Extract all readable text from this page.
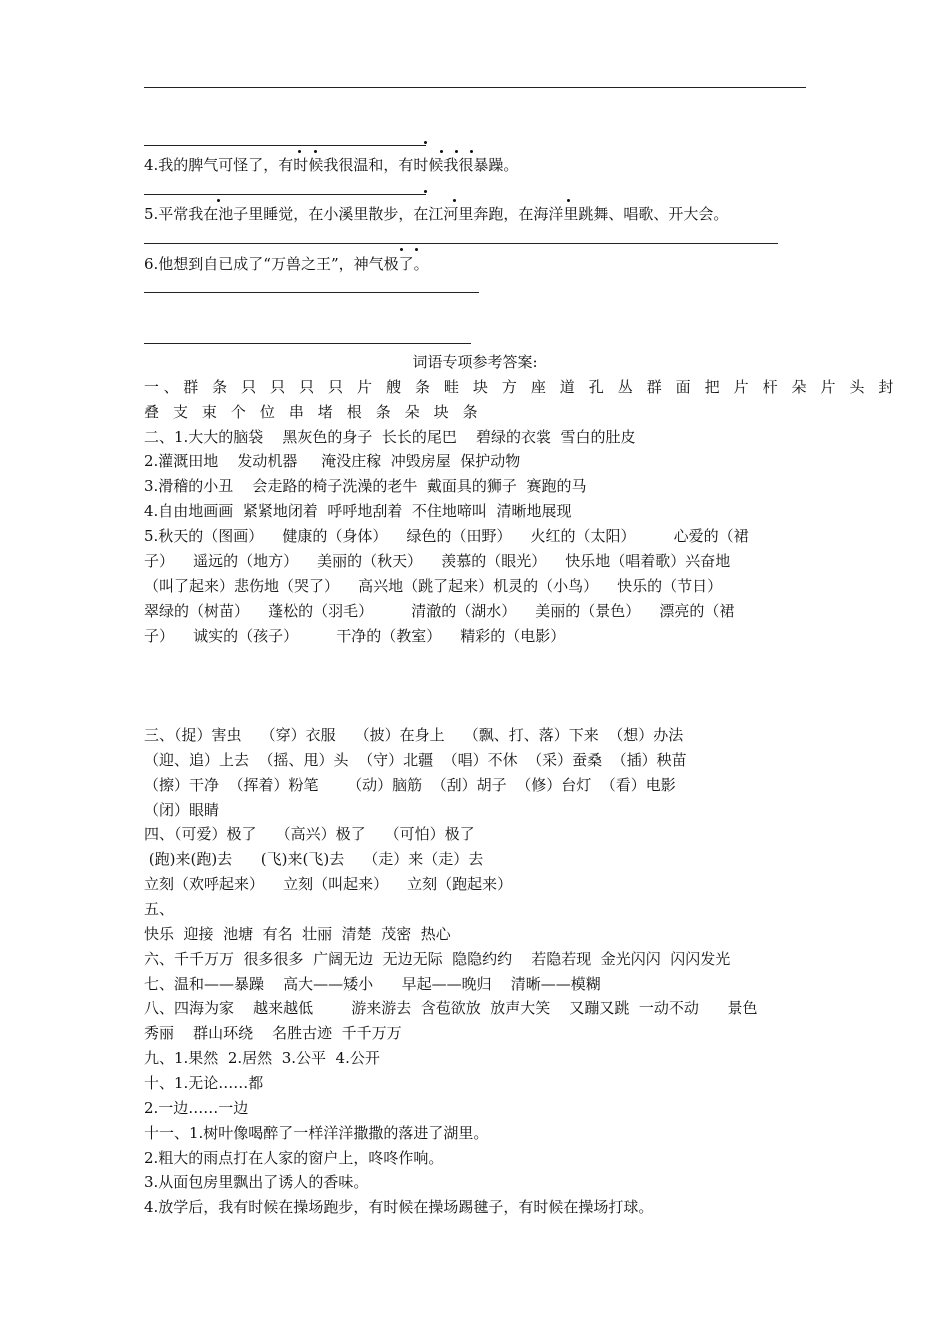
4.我的脾气可怪了，有时候我很温和，有时候我很暴躁。
5.平常我在池子里睡觉，在小溪里散步，在江河里奔跑，在海洋里跳舞、唱歌、开大会。
6.他想到自已成了“万兽之王”，神气极了。
词语专项参考答案:
一、群 条 只 只 只 只 片 艘 条 畦 块 方 座 道 孔 丛 群 面 把 片 杆 朵 片 头 封
叠 支 束 个 位 串 堵 根 条 朵 块 条
二、1.大大的脑袋    黑灰色的身子  长长的尾巴    碧绿的衣裳  雪白的肚皮
2.灌溉田地    发动机器     淹没庄稼  冲毁房屋  保护动物
3.滑稽的小丑    会走路的椅子洗澡的老牛  戴面具的狮子  赛跑的马
4.自由地画画  紧紧地闭着  呼呼地刮着  不住地啼叫  清晰地展现
5.秋天的（图画）    健康的（身体）    绿色的（田野）    火红的（太阳）        心爱的（裙
子）    遥远的（地方）    美丽的（秋天）    羡慕的（眼光）    快乐地（唱着歌）兴奋地
（叫了起来）悲伤地（哭了）    高兴地（跳了起来）机灵的（小鸟）    快乐的（节日）
翠绿的（树苗）    蓬松的（羽毛）        清澈的（湖水）    美丽的（景色）    漂亮的（裙
子）    诚实的（孩子）        干净的（教室）    精彩的（电影）
三、（捉）害虫    （穿）衣服    （披）在身上    （飘、打、落）下来  （想）办法
（迎、追）上去  （摇、甩）头  （守）北疆  （唱）不休  （采）蚕桑  （插）秧苗
（擦）干净  （挥着）粉笔      （动）脑筋  （刮）胡子  （修）台灯  （看）电影
（闭）眼睛
四、（可爱）极了    （高兴）极了    （可怕）极了
(跑)来(跑)去      (飞)来(飞)去    （走）来（走）去
立刻（欢呼起来）    立刻（叫起来）    立刻（跑起来）
五、
快乐  迎接  池塘  有名  壮丽  清楚  茂密  热心
六、千千万万  很多很多  广阔无边  无边无际  隐隐约约    若隐若现  金光闪闪  闪闪发光
七、温和——暴躁    高大——矮小      早起——晚归    清晰——模糊
八、四海为家    越来越低        游来游去  含苞欲放  放声大笑    又蹦又跳  一动不动      景色
秀丽    群山环绕    名胜古迹  千千万万
九、1.果然  2.居然  3.公平  4.公开
十、1.无论……都
2.一边……一边
十一、1.树叶像喝醉了一样洋洋撒撒的落进了湖里。
2.粗大的雨点打在人家的窗户上，咚咚作响。
3.从面包房里飘出了诱人的香味。
4.放学后，我有时候在操场跑步，有时候在操场踢毽子，有时候在操场打球。
